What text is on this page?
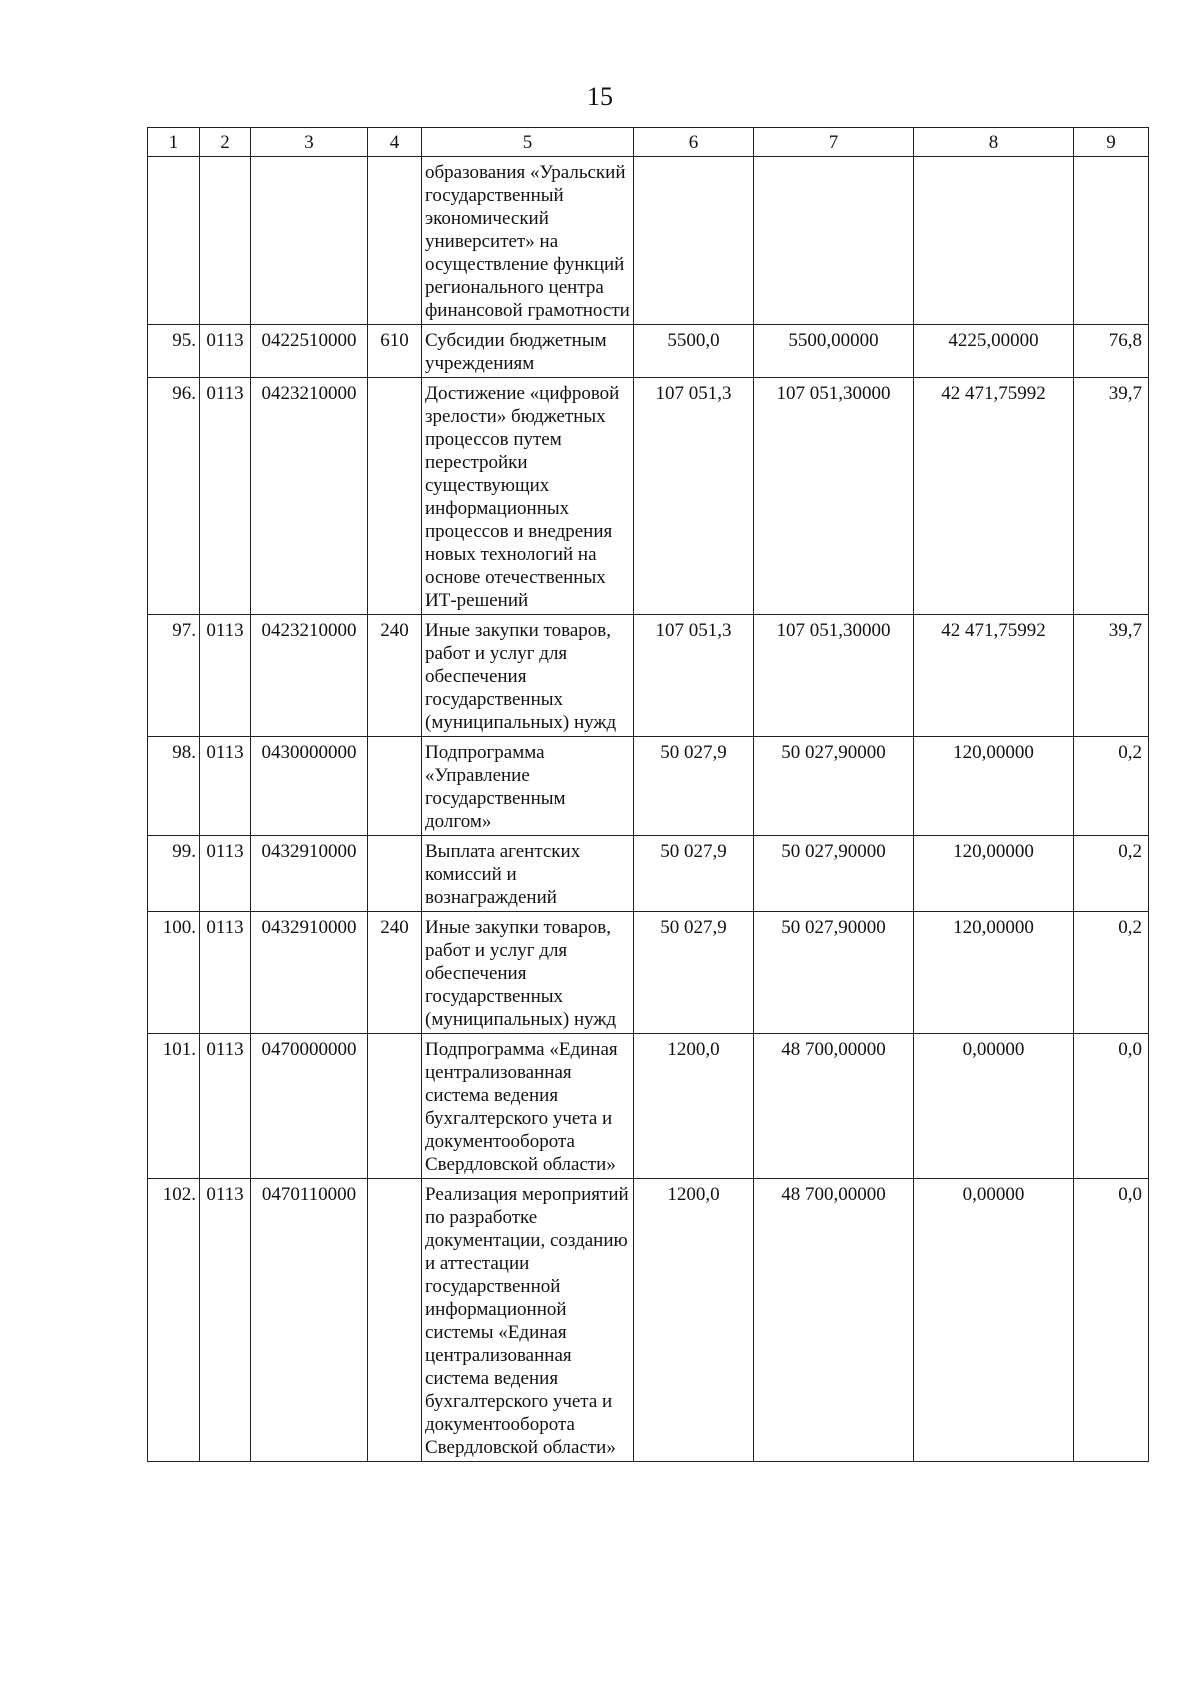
15
1	2	3	4	5	6	7	8	9
				образования «Уральский государственный экономический университет» на осуществление функций регионального центра финансовой грамотности				
95.	0113	0422510000	610	Субсидии бюджетным учреждениям	5500,0	5500,00000	4225,00000	76,8
96.	0113	0423210000		Достижение «цифровой зрелости» бюджетных процессов путем перестройки существующих информационных процессов и внедрения новых технологий на основе отечественных ИТ-решений	107 051,3	107 051,30000	42 471,75992	39,7
97.	0113	0423210000	240	Иные закупки товаров, работ и услуг для обеспечения государственных (муниципальных) нужд	107 051,3	107 051,30000	42 471,75992	39,7
98.	0113	0430000000		Подпрограмма «Управление государственным долгом»	50 027,9	50 027,90000	120,00000	0,2
99.	0113	0432910000		Выплата агентских комиссий и вознаграждений	50 027,9	50 027,90000	120,00000	0,2
100.	0113	0432910000	240	Иные закупки товаров, работ и услуг для обеспечения государственных (муниципальных) нужд	50 027,9	50 027,90000	120,00000	0,2
101.	0113	0470000000		Подпрограмма «Единая централизованная система ведения бухгалтерского учета и документооборота Свердловской области»	1200,0	48 700,00000	0,00000	0,0
102.	0113	0470110000		Реализация мероприятий по разработке документации, созданию и аттестации государственной информационной системы «Единая централизованная система ведения бухгалтерского учета и документооборота Свердловской области»	1200,0	48 700,00000	0,00000	0,0
